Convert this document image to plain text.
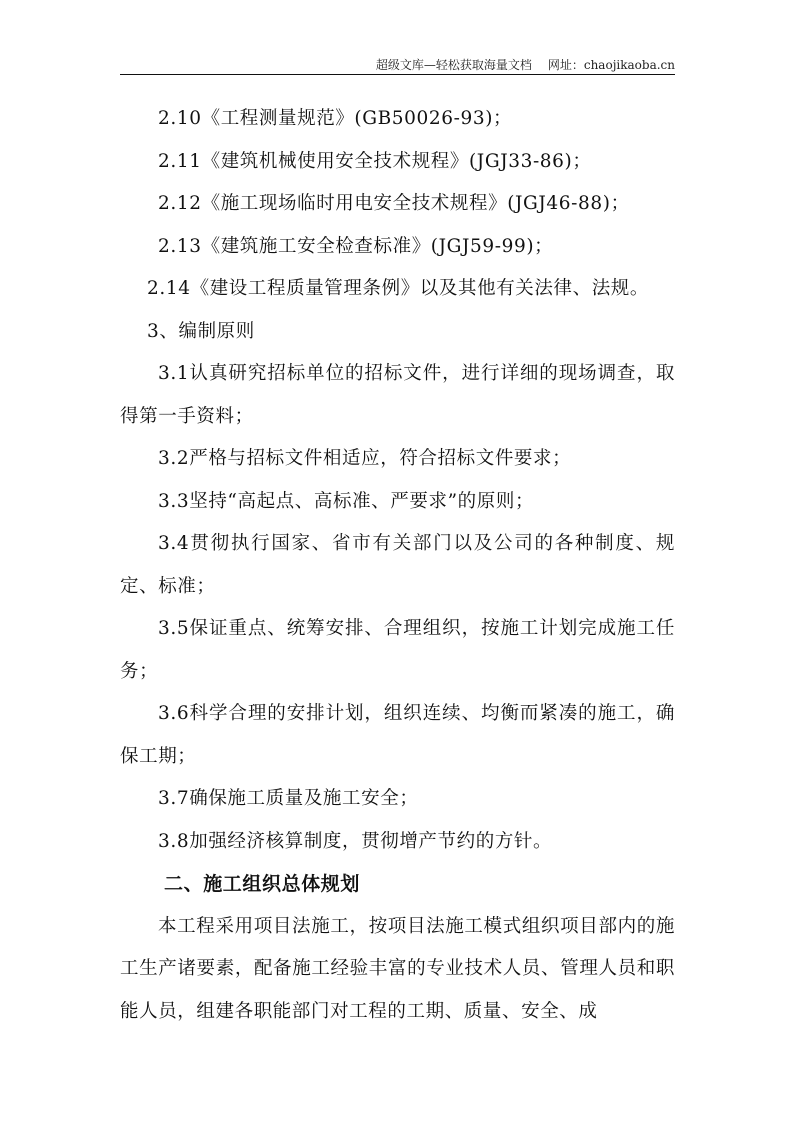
超级文库—轻松获取海量文档 网址：chaojikaoba.cn

2.10《工程测量规范》(GB50026-93)；

2.11《建筑机械使用安全技术规程》(JGJ33-86)；

2.12《施工现场临时用电安全技术规程》(JGJ46-88)；

2.13《建筑施工安全检查标准》(JGJ59-99)；

2.14《建设工程质量管理条例》以及其他有关法律、法规。

3、编制原则

3.1认真研究招标单位的招标文件，进行详细的现场调查，取得第一手资料；

3.2严格与招标文件相适应，符合招标文件要求；

3.3坚持“高起点、高标准、严要求”的原则；

3.4贯彻执行国家、省市有关部门以及公司的各种制度、规定、标准；

3.5保证重点、统筹安排、合理组织，按施工计划完成施工任务；

3.6科学合理的安排计划，组织连续、均衡而紧凑的施工，确保工期；

3.7确保施工质量及施工安全；

3.8加强经济核算制度，贯彻增产节约的方针。

二、施工组织总体规划

本工程采用项目法施工，按项目法施工模式组织项目部内的施工生产诸要素，配备施工经验丰富的专业技术人员、管理人员和职能人员，组建各职能部门对工程的工期、质量、安全、成
